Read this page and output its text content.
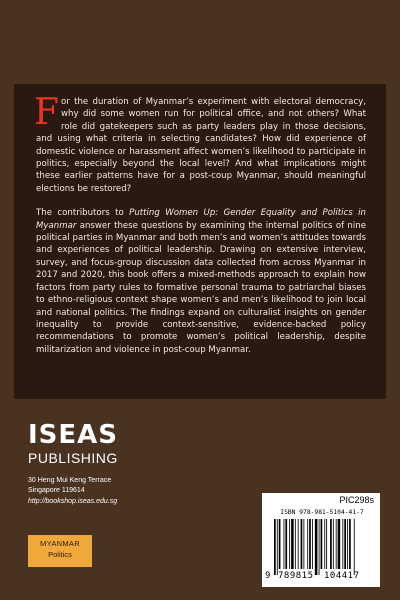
For the duration of Myanmar’s experiment with electoral democracy, why did some women run for political office, and not others? What role did gatekeepers such as party leaders play in those decisions, and using what criteria in selecting candidates? How did experience of domestic violence or harassment affect women’s likelihood to participate in politics, especially beyond the local level? And what implications might these earlier patterns have for a post-coup Myanmar, should meaningful elections be restored?

The contributors to Putting Women Up: Gender Equality and Politics in Myanmar answer these questions by examining the internal politics of nine political parties in Myanmar and both men’s and women’s attitudes towards and experiences of political leadership. Drawing on extensive interview, survey, and focus-group discussion data collected from across Myanmar in 2017 and 2020, this book offers a mixed-methods approach to explain how factors from party rules to formative personal trauma to patriarchal biases to ethno-religious context shape women’s and men’s likelihood to join local and national politics. The findings expand on culturalist insights on gender inequality to provide context-sensitive, evidence-backed policy recommendations to promote women’s political leadership, despite militarization and violence in post-coup Myanmar.

ISEAS
PUBLISHING
30 Heng Mui Keng Terrace
Singapore 119614
http://bookshop.iseas.edu.sg
MYANMAR
Politics
PIC298s
ISBN 978-981-5104-41-7
9 789815 104417
